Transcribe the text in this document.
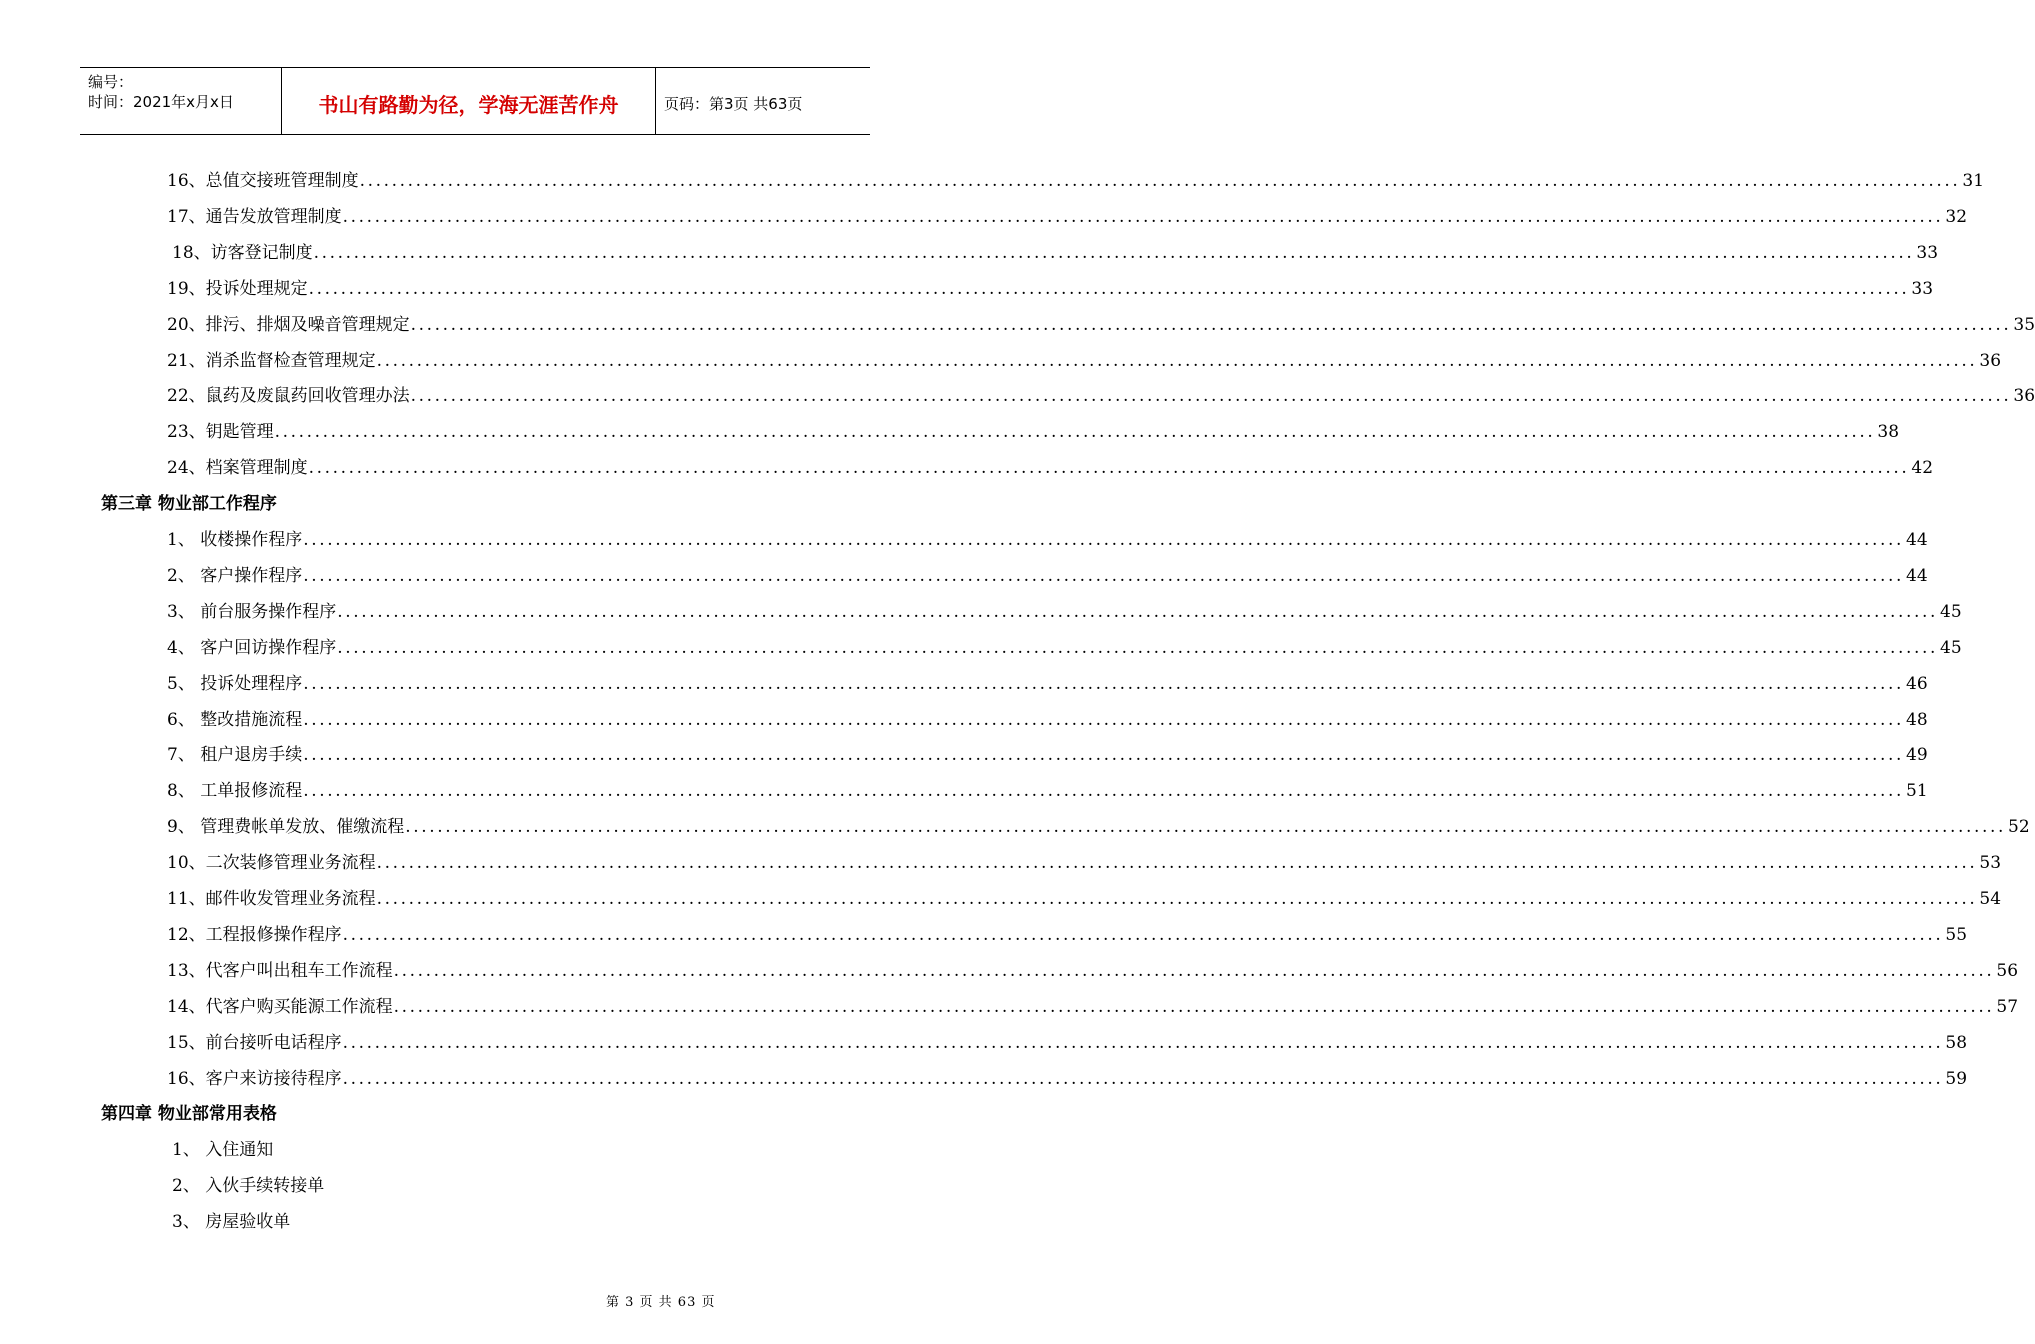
编号：
时间：2021年x月x日	书山有路勤为径，学海无涯苦作舟	页码：第3页 共63页
16、总值交接班管理制度 ........................................................................................................................................................................................................ 31
17、通告发放管理制度 ........................................................................................................................................................................................................ 32
18、访客登记制度 ........................................................................................................................................................................................................ 33
19、投诉处理规定 ........................................................................................................................................................................................................ 33
20、排污、排烟及噪音管理规定 ........................................................................................................................................................................................................ 35
21、消杀监督检查管理规定 ........................................................................................................................................................................................................ 36
22、鼠药及废鼠药回收管理办法 ........................................................................................................................................................................................................ 36
23、钥匙管理 ........................................................................................................................................................................................................ 38
24、档案管理制度 ........................................................................................................................................................................................................ 42
第三章 物业部工作程序
1、 收楼操作程序 ........................................................................................................................................................................................................ 44
2、 客户操作程序 ........................................................................................................................................................................................................ 44
3、 前台服务操作程序 ........................................................................................................................................................................................................ 45
4、 客户回访操作程序 ........................................................................................................................................................................................................ 45
5、 投诉处理程序 ........................................................................................................................................................................................................ 46
6、 整改措施流程 ........................................................................................................................................................................................................ 48
7、 租户退房手续 ........................................................................................................................................................................................................ 49
8、 工单报修流程 ........................................................................................................................................................................................................ 51
9、 管理费帐单发放、催缴流程 ........................................................................................................................................................................................................ 52
10、二次装修管理业务流程 ........................................................................................................................................................................................................ 53
11、邮件收发管理业务流程 ........................................................................................................................................................................................................ 54
12、工程报修操作程序 ........................................................................................................................................................................................................ 55
13、代客户叫出租车工作流程 ........................................................................................................................................................................................................ 56
14、代客户购买能源工作流程 ........................................................................................................................................................................................................ 57
15、前台接听电话程序 ........................................................................................................................................................................................................ 58
16、客户来访接待程序 ........................................................................................................................................................................................................ 59
第四章 物业部常用表格
1、 入住通知
2、 入伙手续转接单
3、 房屋验收单
第 3 页 共 63 页
